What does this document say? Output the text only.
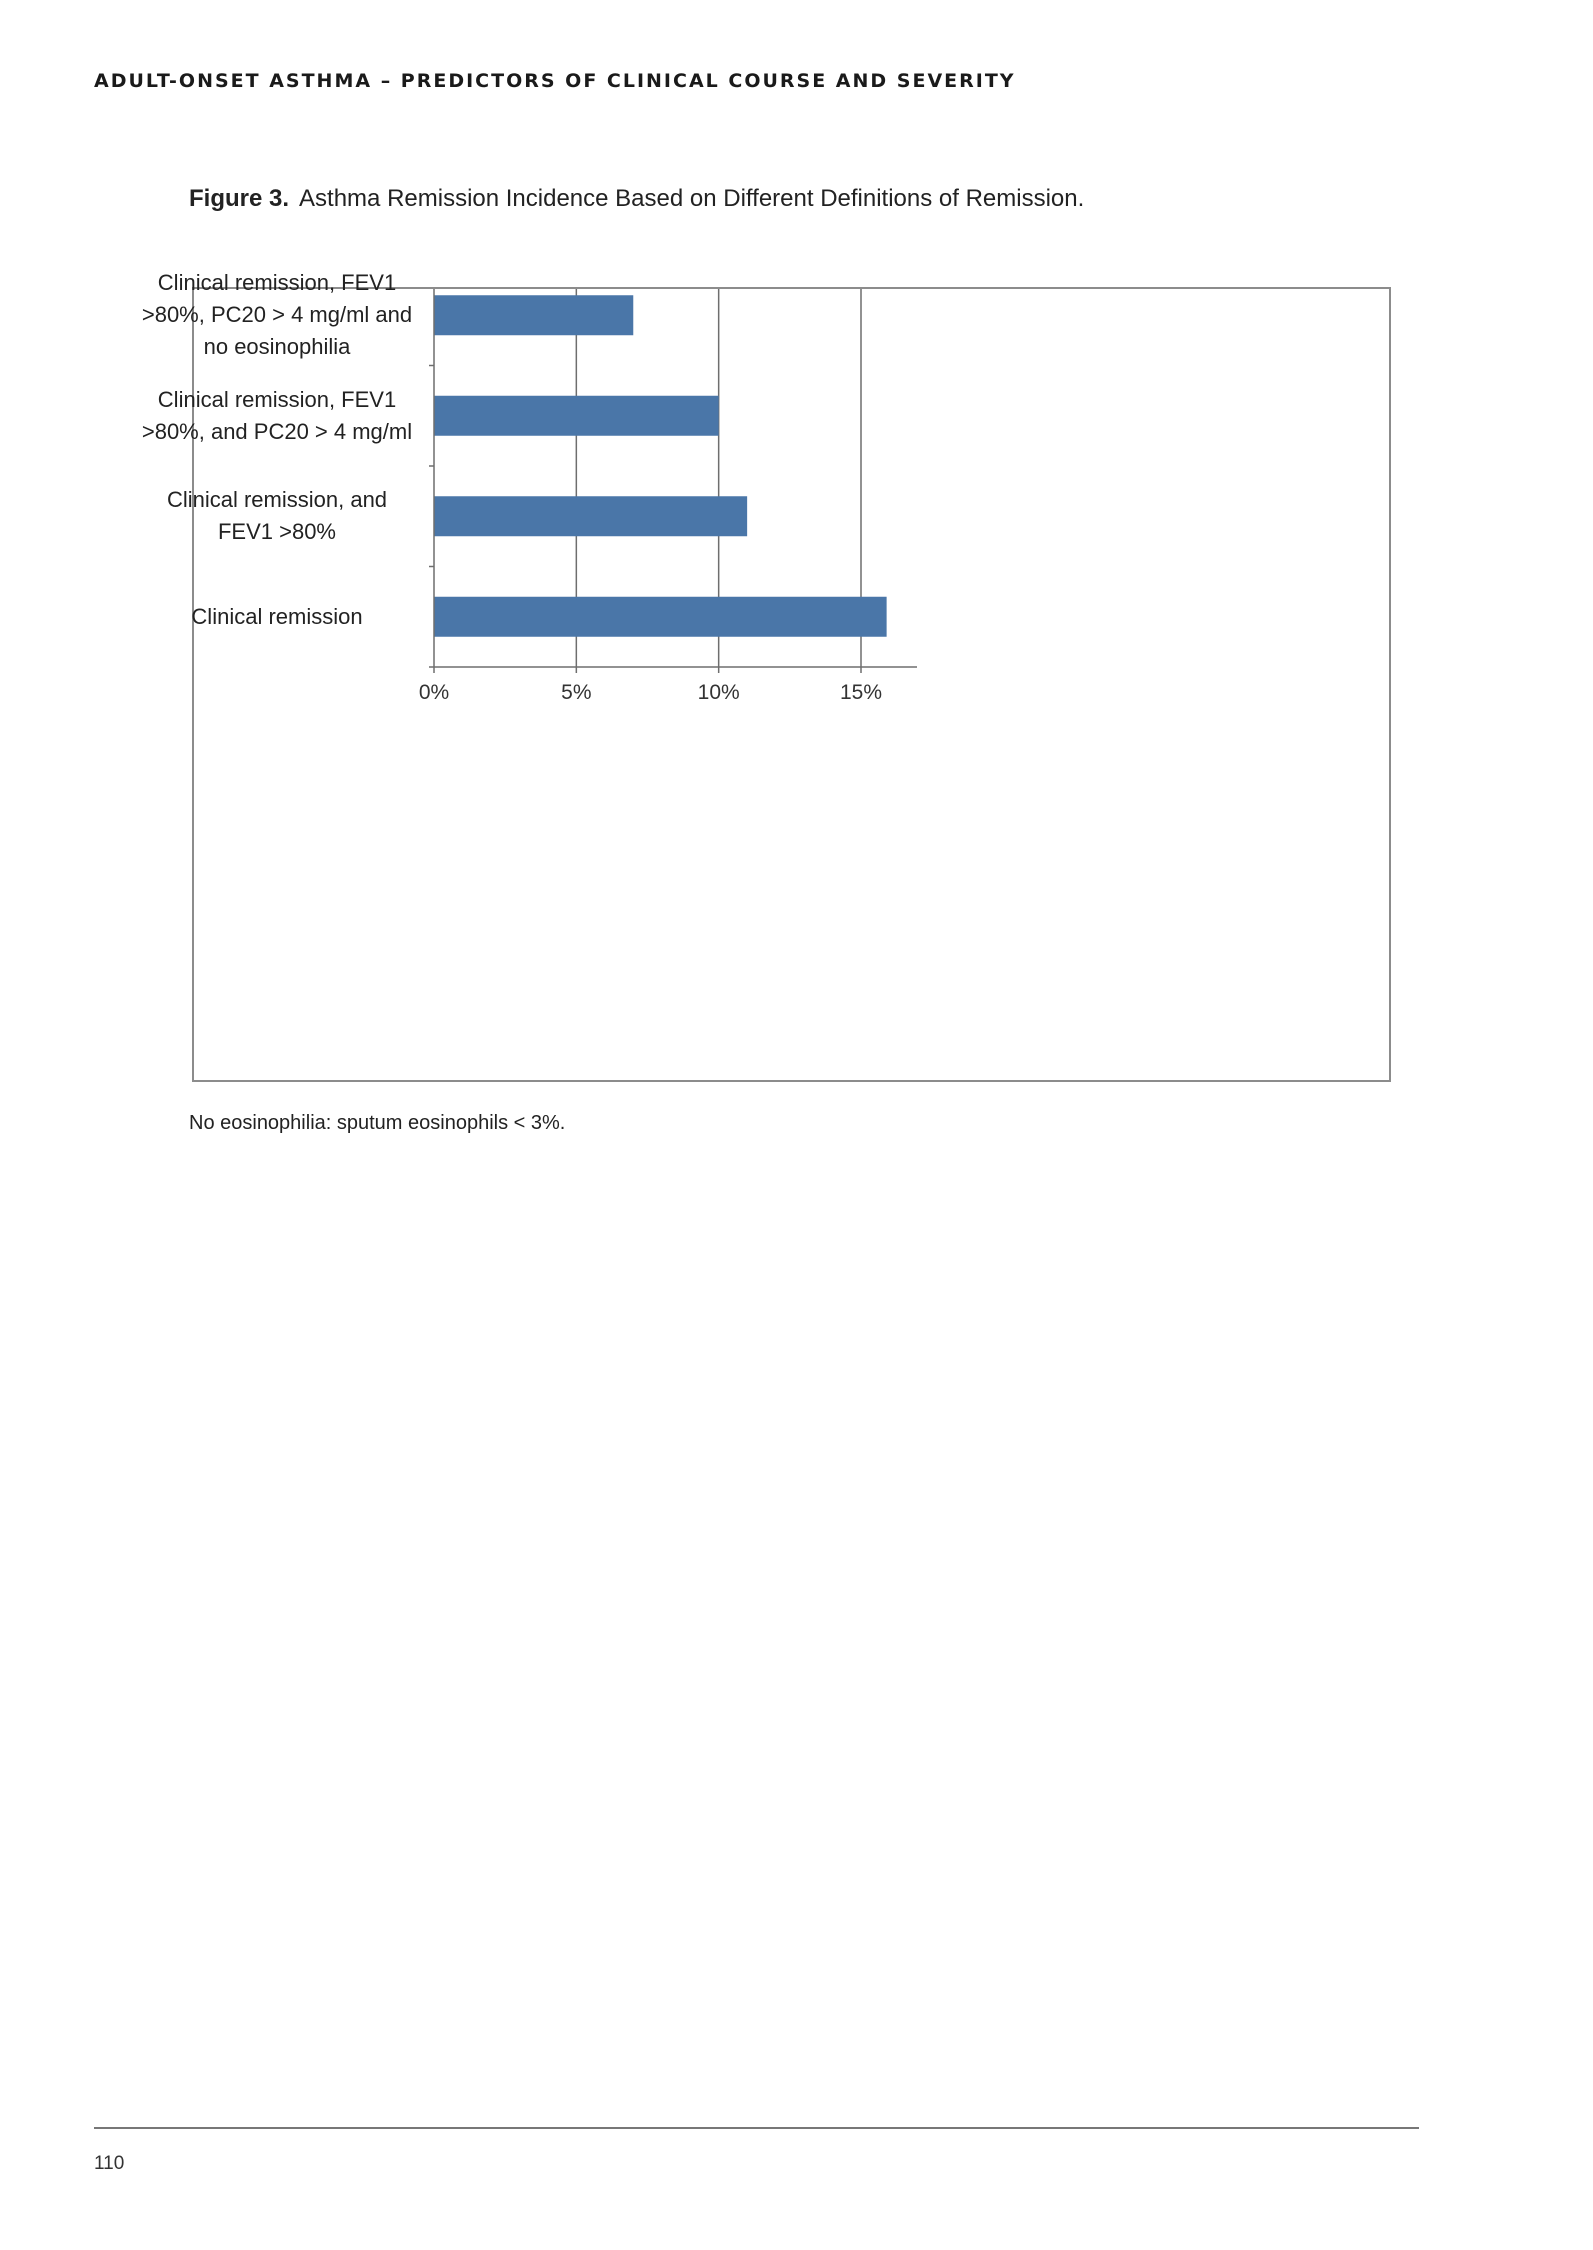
ADULT-ONSET ASTHMA – PREDICTORS OF CLINICAL COURSE AND SEVERITY
Figure 3. Asthma Remission Incidence Based on Different Definitions of Remission.
Clinical remission, FEV1 >80%, PC20 > 4 mg/ml and no eosinophilia
Clinical remission, FEV1 >80%, and PC20 > 4 mg/ml
Clinical remission, and FEV1 >80%
Clinical remission
0%	5%	10%	15%
No eosinophilia: sputum eosinophils < 3%.
110
